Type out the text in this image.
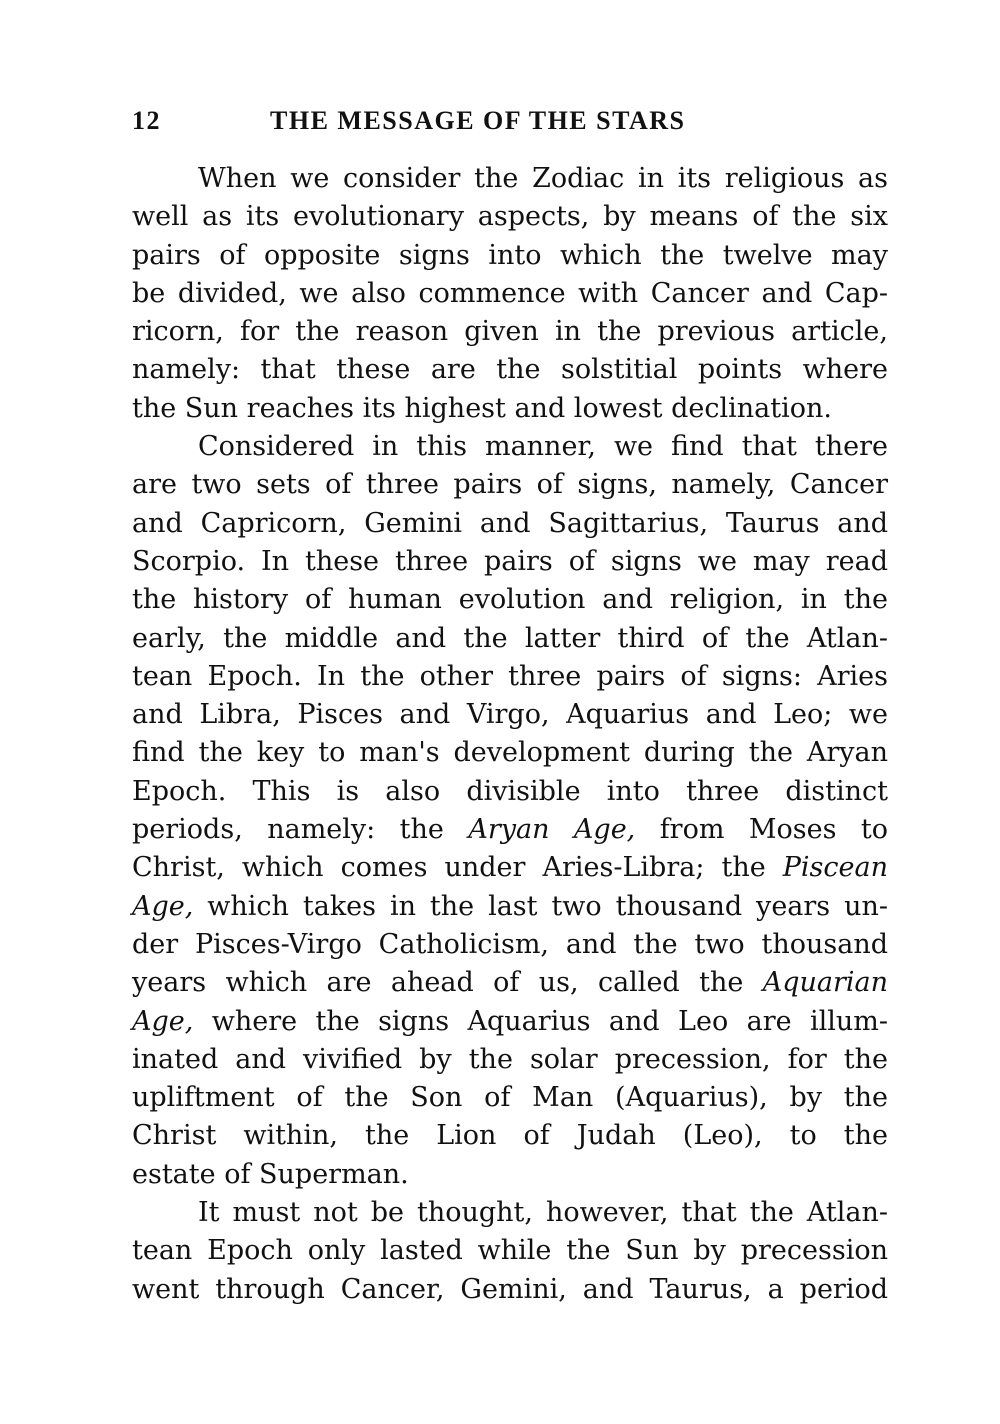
12	THE MESSAGE OF THE STARS

When we consider the Zodiac in its religious as
well as its evolutionary aspects, by means of the six
pairs of opposite signs into which the twelve may
be divided, we also commence with Cancer and Cap-
ricorn, for the reason given in the previous article,
namely: that these are the solstitial points where
the Sun reaches its highest and lowest declination.

Considered in this manner, we find that there
are two sets of three pairs of signs, namely, Cancer
and Capricorn, Gemini and Sagittarius, Taurus and
Scorpio. In these three pairs of signs we may read
the history of human evolution and religion, in the
early, the middle and the latter third of the Atlan-
tean Epoch. In the other three pairs of signs: Aries
and Libra, Pisces and Virgo, Aquarius and Leo; we
find the key to man's development during the Aryan
Epoch. This is also divisible into three distinct
periods, namely: the Aryan Age, from Moses to
Christ, which comes under Aries-Libra; the Piscean
Age, which takes in the last two thousand years un-
der Pisces-Virgo Catholicism, and the two thousand
years which are ahead of us, called the Aquarian
Age, where the signs Aquarius and Leo are illum-
inated and vivified by the solar precession, for the
upliftment of the Son of Man (Aquarius), by the
Christ within, the Lion of Judah (Leo), to the
estate of Superman.

It must not be thought, however, that the Atlan-
tean Epoch only lasted while the Sun by precession
went through Cancer, Gemini, and Taurus, a period
